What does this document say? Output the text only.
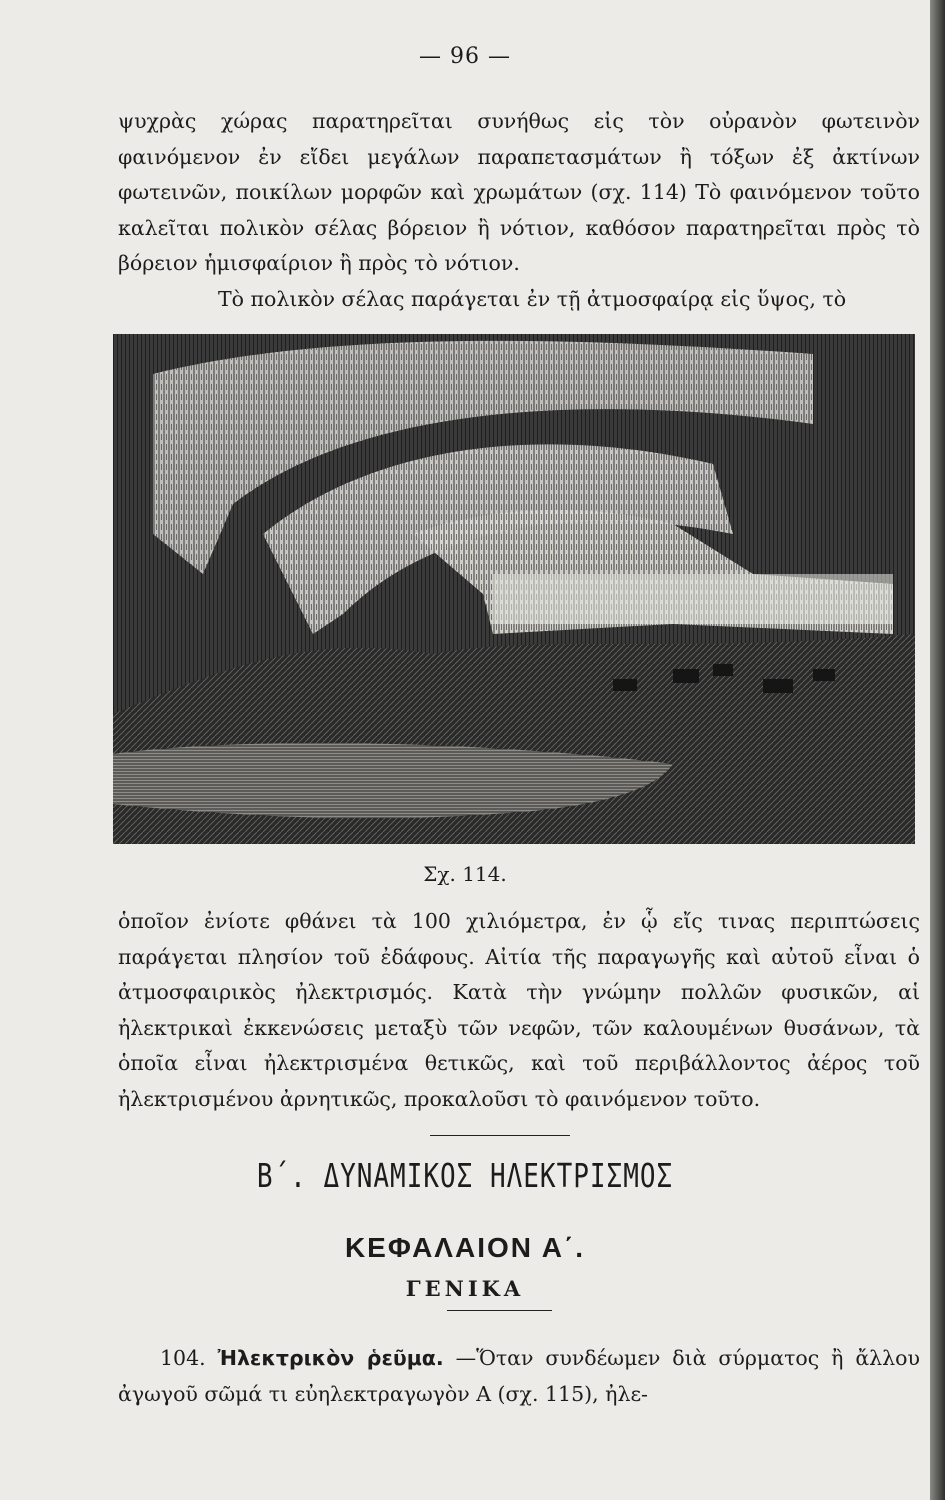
— 96 —
ψυχρὰς χώρας παρατηρεῖται συνήθως εἰς τὸν οὐρανὸν φωτεινὸν φαινόμενον ἐν εἴδει μεγάλων παραπετασμάτων ἢ τόξων ἐξ ἀκτίνων φωτεινῶν, ποικίλων μορφῶν καὶ χρωμάτων (σχ. 114) Τὸ φαινόμενον τοῦτο καλεῖται πολικὸν σέλας βόρειον ἢ νότιον, καθόσον παρατηρεῖται πρὸς τὸ βόρειον ἡμισφαίριον ἢ πρὸς τὸ νότιον.
Τὸ πολικὸν σέλας παράγεται ἐν τῇ ἀτμοσφαίρᾳ εἰς ὕψος, τὸ
Σχ. 114.
ὁποῖον ἐνίοτε φθάνει τὰ 100 χιλιόμετρα, ἐν ᾧ εἴς τινας περιπτώσεις παράγεται πλησίον τοῦ ἐδάφους. Αἰτία τῆς παραγωγῆς καὶ αὐτοῦ εἶναι ὁ ἀτμοσφαιρικὸς ἠλεκτρισμός. Κατὰ τὴν γνώμην πολλῶν φυσικῶν, αἱ ἠλεκτρικαὶ ἐκκενώσεις μεταξὺ τῶν νεφῶν, τῶν καλουμένων θυσάνων, τὰ ὁποῖα εἶναι ἠλεκτρισμένα θετικῶς, καὶ τοῦ περιβάλλοντος ἀέρος τοῦ ἠλεκτρισμένου ἀρνητικῶς, προκαλοῦσι τὸ φαινόμενον τοῦτο.
Β΄. ΔΥΝΑΜΙΚΟΣ ΗΛΕΚΤΡΙΣΜΟΣ
ΚΕΦΑΛΑΙΟΝ Α΄.
ΓΕΝΙΚΑ
104. Ἠλεκτρικὸν ῥεῦμα. —Ὅταν συνδέωμεν διὰ σύρματος ἢ ἄλλου ἀγωγοῦ σῶμά τι εὐηλεκτραγωγὸν Α (σχ. 115), ἠλε-
